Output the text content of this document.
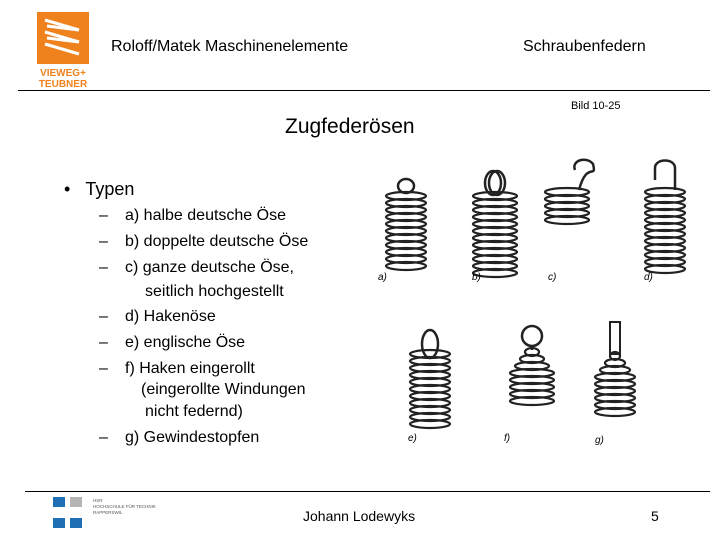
VIEWEG+
TEUBNER
Roloff/Matek Maschinenelemente	Schraubenfedern
Bild 10-25
Zugfederösen
• Typen
– a) halbe deutsche Öse
– b) doppelte deutsche Öse
– c) ganze deutsche Öse,
seitlich hochgestellt
– d) Hakenöse
– e) englische Öse
– f) Haken eingerollt
(eingerollte Windungen
nicht federnd)
– g) Gewindestopfen
a)	b)	c)	d)
e)	f)	g)
HSR
HOCHSCHULE FÜR TECHNIK
RAPPERSWIL	Johann Lodewyks	5
